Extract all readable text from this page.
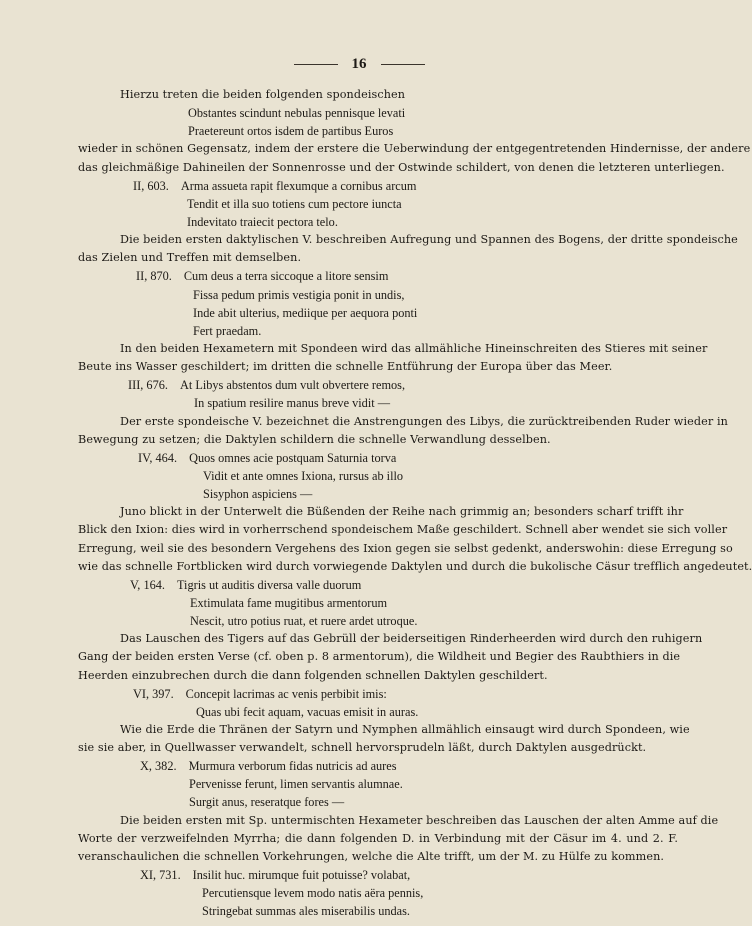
16
Hierzu treten die beiden folgenden spondeischen
Obstantes scindunt nebulas pennisque levati
Praetereunt ortos isdem de partibus Euros
wieder in schönen Gegensatz, indem der erstere die Ueberwindung der entgegentretenden Hindernisse, der andere
das gleichmäßige Dahineilen der Sonnenrosse und der Ostwinde schildert, von denen die letzteren unterliegen.
II, 603. Arma assueta rapit flexumque a cornibus arcum
Tendit et illa suo totiens cum pectore iuncta
Indevitato traiecit pectora telo.
Die beiden ersten daktylischen V. beschreiben Aufregung und Spannen des Bogens, der dritte spondeische
das Zielen und Treffen mit demselben.
II, 870. Cum deus a terra siccoque a litore sensim
Fissa pedum primis vestigia ponit in undis,
Inde abit ulterius, mediique per aequora ponti
Fert praedam.
In den beiden Hexametern mit Spondeen wird das allmähliche Hineinschreiten des Stieres mit seiner
Beute ins Wasser geschildert; im dritten die schnelle Entführung der Europa über das Meer.
III, 676. At Libys abstentos dum vult obvertere remos,
In spatium resilire manus breve vidit —
Der erste spondeische V. bezeichnet die Anstrengungen des Libys, die zurücktreibenden Ruder wieder in
Bewegung zu setzen; die Daktylen schildern die schnelle Verwandlung desselben.
IV, 464. Quos omnes acie postquam Saturnia torva
Vidit et ante omnes Ixiona, rursus ab illo
Sisyphon aspiciens —
Juno blickt in der Unterwelt die Büßenden der Reihe nach grimmig an; besonders scharf trifft ihr
Blick den Ixion: dies wird in vorherrschend spondeischem Maße geschildert. Schnell aber wendet sie sich voller
Erregung, weil sie des besondern Vergehens des Ixion gegen sie selbst gedenkt, anderswohin: diese Erregung so
wie das schnelle Fortblicken wird durch vorwiegende Daktylen und durch die bukolische Cäsur trefflich angedeutet.
V, 164. Tigris ut auditis diversa valle duorum
Extimulata fame mugitibus armentorum
Nescit, utro potius ruat, et ruere ardet utroque.
Das Lauschen des Tigers auf das Gebrüll der beiderseitigen Rinderheerden wird durch den ruhigern
Gang der beiden ersten Verse (cf. oben p. 8 armentorum), die Wildheit und Begier des Raubthiers in die
Heerden einzubrechen durch die dann folgenden schnellen Daktylen geschildert.
VI, 397. Concepit lacrimas ac venis perbibit imis:
Quas ubi fecit aquam, vacuas emisit in auras.
Wie die Erde die Thränen der Satyrn und Nymphen allmählich einsaugt wird durch Spondeen, wie
sie sie aber, in Quellwasser verwandelt, schnell hervorsprudeln läßt, durch Daktylen ausgedrückt.
X, 382. Murmura verborum fidas nutricis ad aures
Pervenisse ferunt, limen servantis alumnae.
Surgit anus, reseratque fores —
Die beiden ersten mit Sp. untermischten Hexameter beschreiben das Lauschen der alten Amme auf die
Worte der verzweifelnden Myrrha; die dann folgenden D. in Verbindung mit der Cäsur im 4. und 2. F.
veranschaulichen die schnellen Vorkehrungen, welche die Alte trifft, um der M. zu Hülfe zu kommen.
XI, 731. Insilit huc. mirumque fuit potuisse? volabat,
Percutiensque levem modo natis aëra pennis,
Stringebat summas ales miserabilis undas.
